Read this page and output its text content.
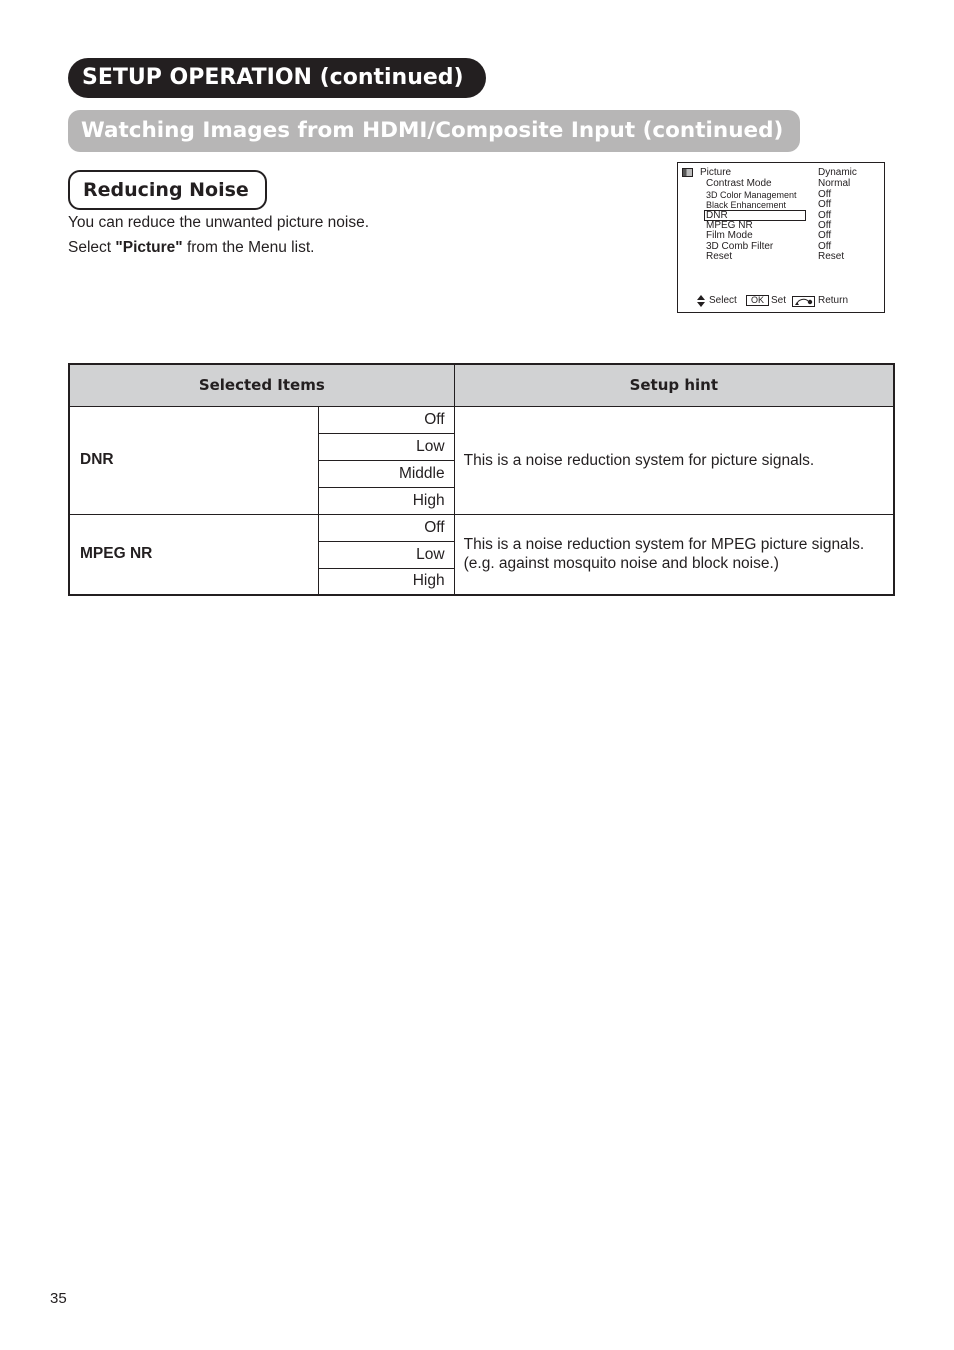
SETUP OPERATION (continued)
Watching Images from HDMI/Composite Input (continued)
Reducing Noise
You can reduce the unwanted picture noise.
Select "Picture" from the Menu list.
Picture	Dynamic
Contrast Mode	Normal
3D Color Management Off
Black Enhancement	Off
DNR	Off
MPEG NR	Off
Film Mode	Off
3D Comb Filter	Off
Reset	Reset
Select	OK Set	Return
Selected Items		Setup hint
DNR	Off	This is a noise reduction system for picture signals.
	Low	
	Middle	
	High	
MPEG NR	Off	This is a noise reduction system for MPEG picture signals.
(e.g. against mosquito noise and block noise.)

	Low	
	High	
35
